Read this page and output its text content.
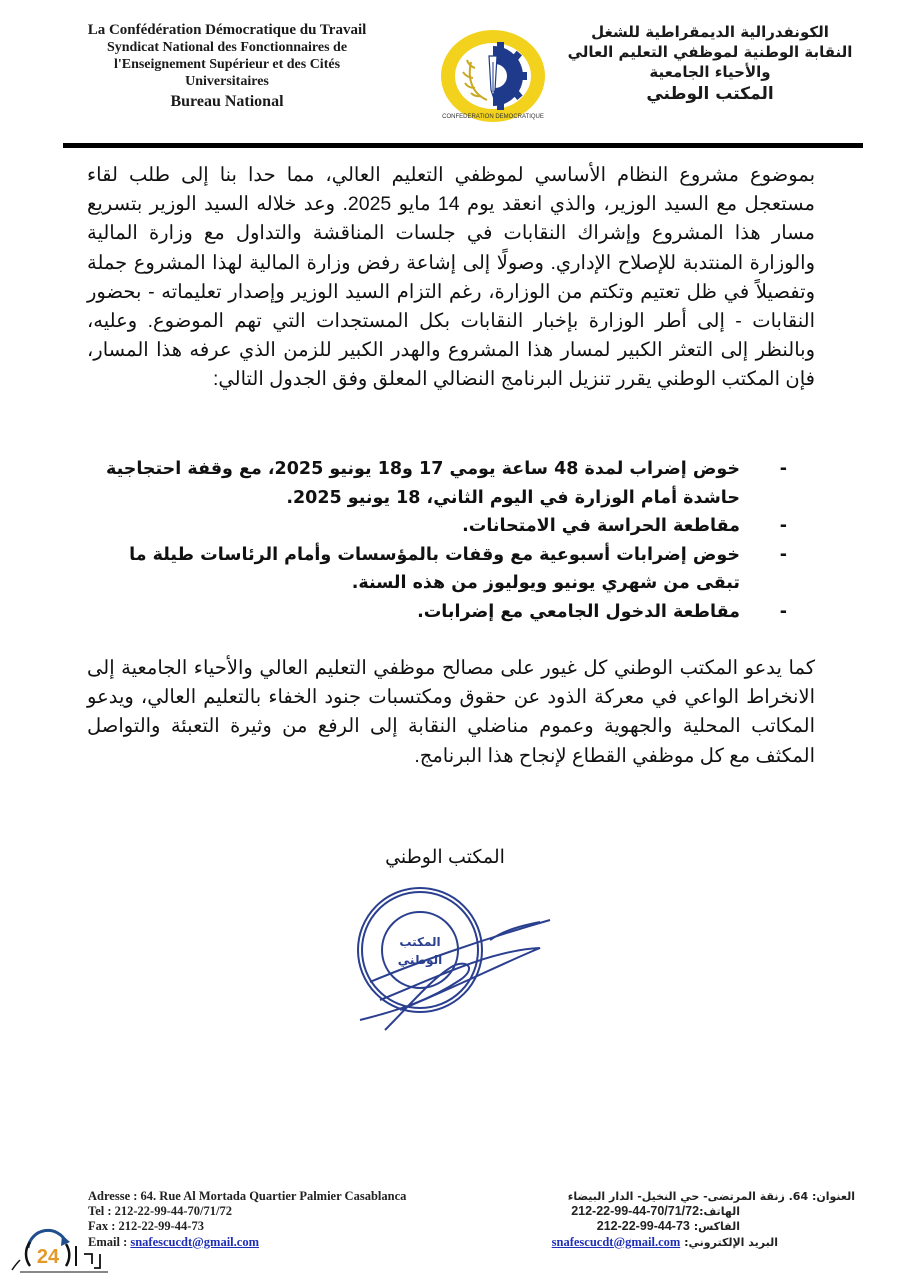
La Confédération Démocratique du Travail
Syndicat National des Fonctionnaires de
l'Enseignement Supérieur et des Cités
Universitaires
Bureau National
CONFEDERATION DEMOCRATIQUE
الكونفدرالية الديمقراطية للشغل
النقابة الوطنية لموظفي التعليم العالي
والأحياء الجامعية
المكتب الوطني
بموضوع مشروع النظام الأساسي لموظفي التعليم العالي، مما حدا بنا إلى طلب لقاء مستعجل مع السيد الوزير، والذي انعقد يوم 14 مايو 2025. وعد خلاله السيد الوزير بتسريع مسار هذا المشروع وإشراك النقابات في جلسات المناقشة والتداول مع وزارة المالية والوزارة المنتدبة للإصلاح الإداري. وصولًا إلى إشاعة رفض وزارة المالية لهذا المشروع جملة وتفصيلاً في ظل تعتيم وتكتم من الوزارة، رغم التزام السيد الوزير وإصدار تعليماته - بحضور النقابات - إلى أطر الوزارة بإخبار النقابات بكل المستجدات التي تهم الموضوع. وعليه، وبالنظر إلى التعثر الكبير لمسار هذا المشروع والهدر الكبير للزمن الذي عرفه هذا المسار، فإن المكتب الوطني يقرر تنزيل البرنامج النضالي المعلق وفق الجدول التالي:
-
خوض إضراب لمدة 48 ساعة يومي 17 و18 يونيو 2025، مع وقفة احتجاجية حاشدة أمام الوزارة في اليوم الثاني، 18 يونيو 2025.
-
مقاطعة الحراسة في الامتحانات.
-
خوض إضرابات أسبوعية مع وقفات بالمؤسسات وأمام الرئاسات طيلة ما تبقى من شهري يونيو ويوليوز من هذه السنة.
-
مقاطعة الدخول الجامعي مع إضرابات.
كما يدعو المكتب الوطني كل غيور على مصالح موظفي التعليم العالي والأحياء الجامعية إلى الانخراط الواعي في معركة الذود عن حقوق ومكتسبات جنود الخفاء بالتعليم العالي، ويدعو المكاتب المحلية والجهوية وعموم مناضلي النقابة إلى الرفع من وثيرة التعبئة والتواصل المكثف مع كل موظفي القطاع لإنجاح هذا البرنامج.
المكتب الوطني
المكتب
الوطني
Adresse : 64. Rue Al Mortada Quartier Palmier Casablanca
Tel : 212-22-99-44-70/71/72
Fax : 212-22-99-44-73
Email : snafescucdt@gmail.com
العنوان: 64. زنقة المرتضى- حي النخيل- الدار البيضاء
الهاتف:212-22-99-44-70/71/72
الفاكس: 212-22-99-44-73
البريد الإلكتروني: snafescucdt@gmail.com
24
